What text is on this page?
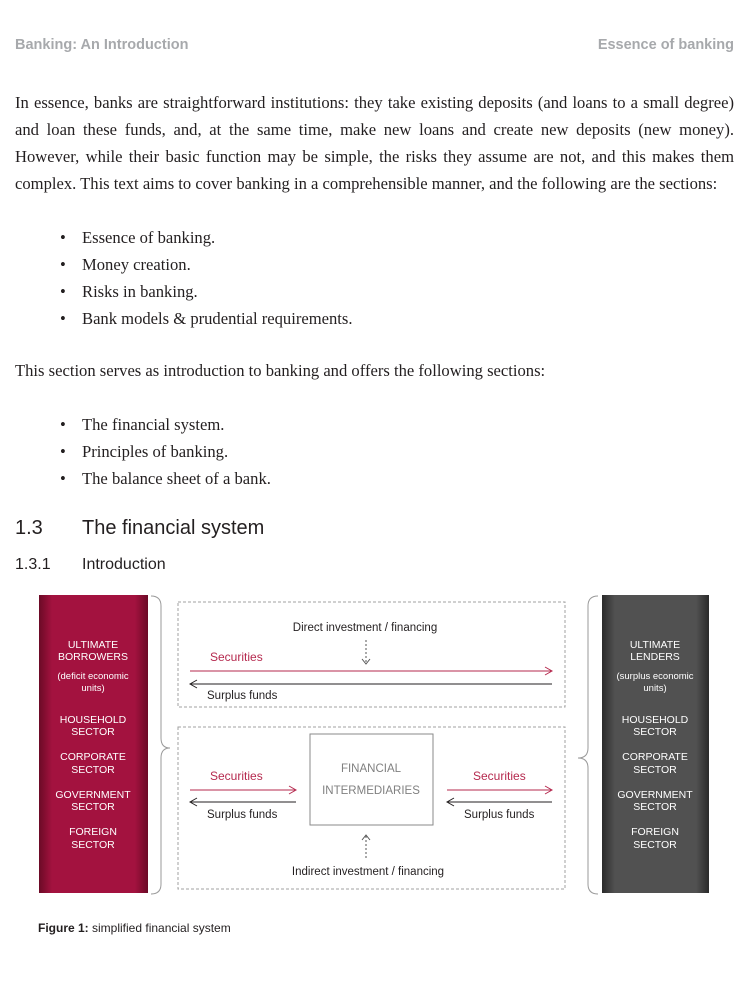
Banking: An Introduction	Essence of banking

In essence, banks are straightforward institutions: they take existing deposits (and loans to a small degree) and loan these funds, and, at the same time, make new loans and create new deposits (new money). However, while their basic function may be simple, the risks they assume are not, and this makes them complex. This text aims to cover banking in a comprehensible manner, and the following are the sections:

• Essence of banking.
• Money creation.
• Risks in banking.
• Bank models & prudential requirements.

This section serves as introduction to banking and offers the following sections:

• The financial system.
• Principles of banking.
• The balance sheet of a bank.
1.3 The financial system
1.3.1 Introduction
ULTIMATE
BORROWERS
(deficit economic
units)
HOUSEHOLD
SECTOR
CORPORATE
SECTOR
GOVERNMENT
SECTOR
FOREIGN
SECTOR
ULTIMATE
LENDERS
(surplus economic
units)
HOUSEHOLD
SECTOR
CORPORATE
SECTOR
GOVERNMENT
SECTOR
FOREIGN
SECTOR
Direct investment / financing
Securities
Surplus funds
FINANCIAL
INTERMEDIARIES
Securities
Surplus funds
Securities
Surplus funds
Indirect investment / financing
Figure 1: simplified financial system
